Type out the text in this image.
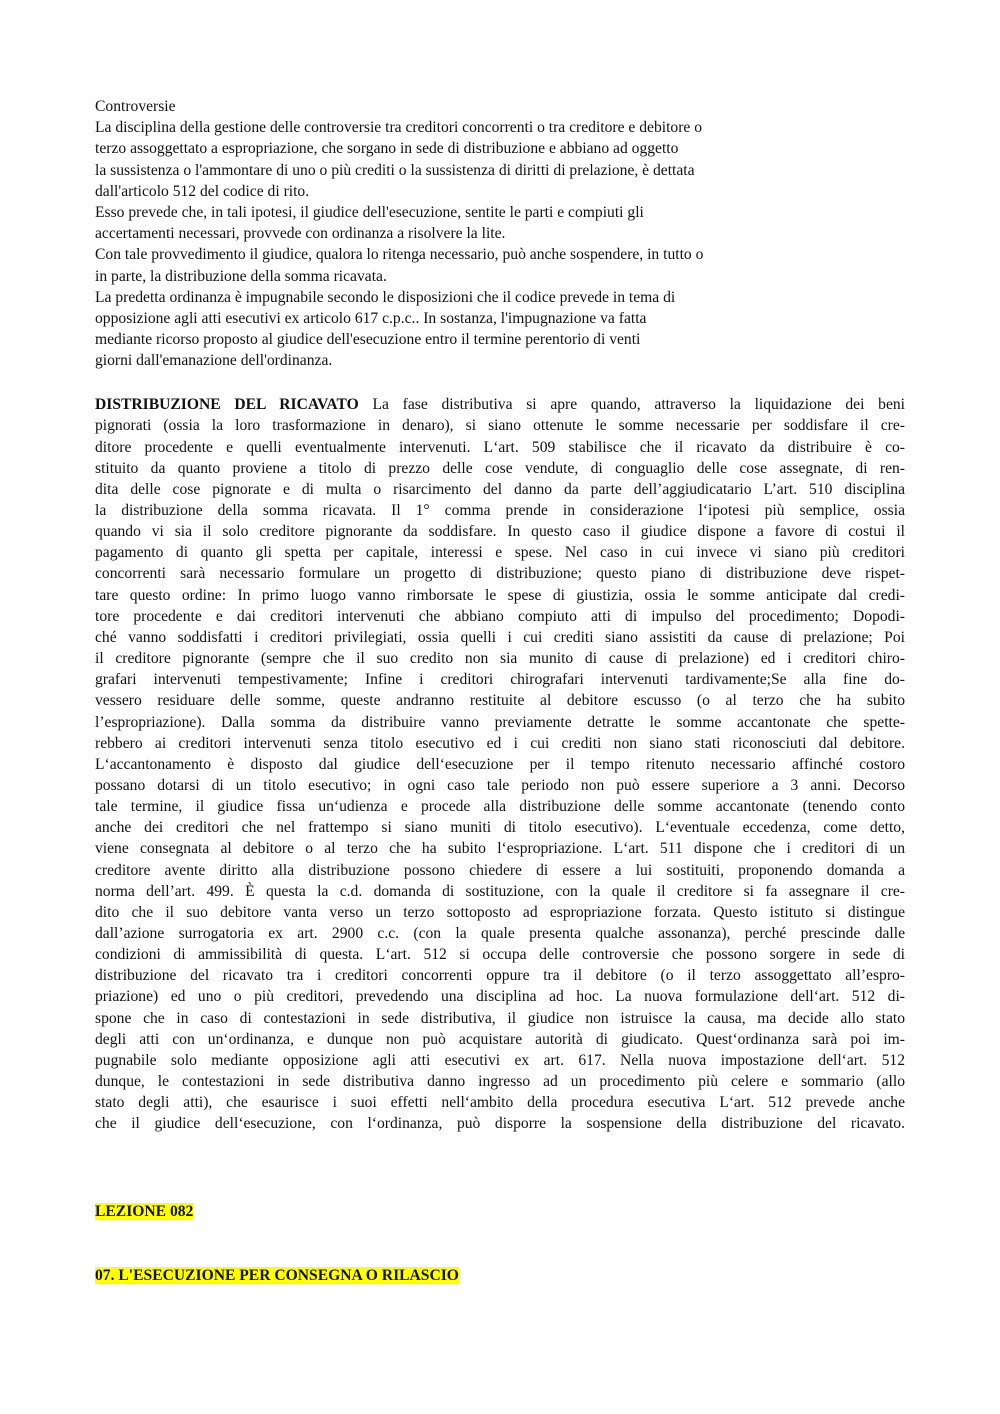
Controversie
La disciplina della gestione delle controversie tra creditori concorrenti o tra creditore e debitore o
terzo assoggettato a espropriazione, che sorgano in sede di distribuzione e abbiano ad oggetto
la sussistenza o l'ammontare di uno o più crediti o la sussistenza di diritti di prelazione, è dettata
dall'articolo 512 del codice di rito.
Esso prevede che, in tali ipotesi, il giudice dell'esecuzione, sentite le parti e compiuti gli
accertamenti necessari, provvede con ordinanza a risolvere la lite.
Con tale provvedimento il giudice, qualora lo ritenga necessario, può anche sospendere, in tutto o
in parte, la distribuzione della somma ricavata.
La predetta ordinanza è impugnabile secondo le disposizioni che il codice prevede in tema di
opposizione agli atti esecutivi ex articolo 617 c.p.c.. In sostanza, l'impugnazione va fatta
mediante ricorso proposto al giudice dell'esecuzione entro il termine perentorio di venti
giorni dall'emanazione dell'ordinanza.
DISTRIBUZIONE DEL RICAVATO La fase distributiva si apre quando, attraverso la liquidazione dei beni
pignorati (ossia la loro trasformazione in denaro), si siano ottenute le somme necessarie per soddisfare il cre-
ditore procedente e quelli eventualmente intervenuti. L‘art. 509 stabilisce che il ricavato da distribuire è co-
stituito da quanto proviene a titolo di prezzo delle cose vendute, di conguaglio delle cose assegnate, di ren-
dita delle cose pignorate e di multa o risarcimento del danno da parte dell’aggiudicatario L’art. 510 disciplina
la distribuzione della somma ricavata. Il 1° comma prende in considerazione l‘ipotesi più semplice, ossia
quando vi sia il solo creditore pignorante da soddisfare. In questo caso il giudice dispone a favore di costui il
pagamento di quanto gli spetta per capitale, interessi e spese. Nel caso in cui invece vi siano più creditori
concorrenti sarà necessario formulare un progetto di distribuzione; questo piano di distribuzione deve rispet-
tare questo ordine: In primo luogo vanno rimborsate le spese di giustizia, ossia le somme anticipate dal credi-
tore procedente e dai creditori intervenuti che abbiano compiuto atti di impulso del procedimento; Dopodi-
ché vanno soddisfatti i creditori privilegiati, ossia quelli i cui crediti siano assistiti da cause di prelazione; Poi
il creditore pignorante (sempre che il suo credito non sia munito di cause di prelazione) ed i creditori chiro-
grafari intervenuti tempestivamente; Infine i creditori chirografari intervenuti tardivamente;Se alla fine do-
vessero residuare delle somme, queste andranno restituite al debitore escusso (o al terzo che ha subito
l’espropriazione). Dalla somma da distribuire vanno previamente detratte le somme accantonate che spette-
rebbero ai creditori intervenuti senza titolo esecutivo ed i cui crediti non siano stati riconosciuti dal debitore.
L‘accantonamento è disposto dal giudice dell‘esecuzione per il tempo ritenuto necessario affinché costoro
possano dotarsi di un titolo esecutivo; in ogni caso tale periodo non può essere superiore a 3 anni. Decorso
tale termine, il giudice fissa un‘udienza e procede alla distribuzione delle somme accantonate (tenendo conto
anche dei creditori che nel frattempo si siano muniti di titolo esecutivo). L‘eventuale eccedenza, come detto,
viene consegnata al debitore o al terzo che ha subito l‘espropriazione. L‘art. 511 dispone che i creditori di un
creditore avente diritto alla distribuzione possono chiedere di essere a lui sostituiti, proponendo domanda a
norma dell’art. 499. È questa la c.d. domanda di sostituzione, con la quale il creditore si fa assegnare il cre-
dito che il suo debitore vanta verso un terzo sottoposto ad espropriazione forzata. Questo istituto si distingue
dall’azione surrogatoria ex art. 2900 c.c. (con la quale presenta qualche assonanza), perché prescinde dalle
condizioni di ammissibilità di questa. L‘art. 512 si occupa delle controversie che possono sorgere in sede di
distribuzione del ricavato tra i creditori concorrenti oppure tra il debitore (o il terzo assoggettato all’espro-
priazione) ed uno o più creditori, prevedendo una disciplina ad hoc. La nuova formulazione dell‘art. 512 di-
spone che in caso di contestazioni in sede distributiva, il giudice non istruisce la causa, ma decide allo stato
degli atti con un‘ordinanza, e dunque non può acquistare autorità di giudicato. Quest‘ordinanza sarà poi im-
pugnabile solo mediante opposizione agli atti esecutivi ex art. 617. Nella nuova impostazione dell‘art. 512
dunque, le contestazioni in sede distributiva danno ingresso ad un procedimento più celere e sommario (allo
stato degli atti), che esaurisce i suoi effetti nell‘ambito della procedura esecutiva L‘art. 512 prevede anche
che il giudice dell‘esecuzione, con l‘ordinanza, può disporre la sospensione della distribuzione del ricavato.
LEZIONE 082
07. L'ESECUZIONE PER CONSEGNA O RILASCIO
